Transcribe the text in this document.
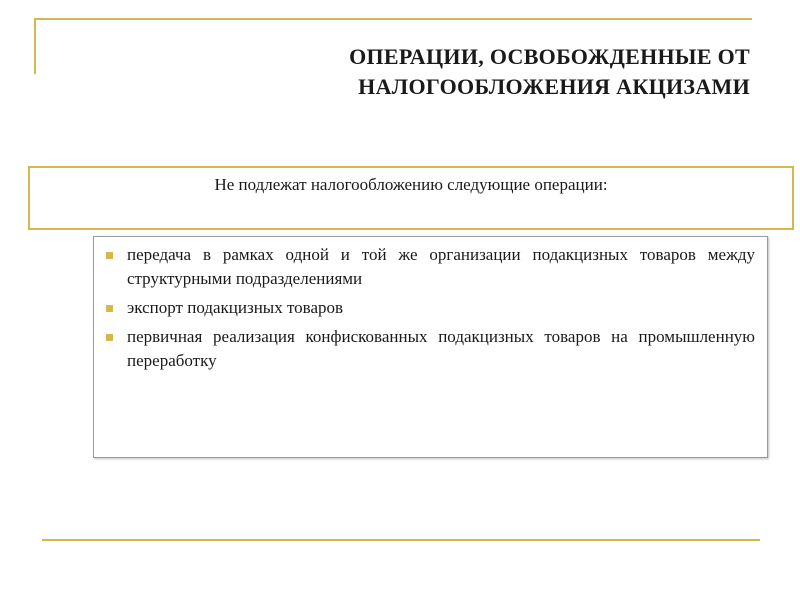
ОПЕРАЦИИ, ОСВОБОЖДЕННЫЕ ОТ
НАЛОГООБЛОЖЕНИЯ АКЦИЗАМИ
Не подлежат налогообложению следующие операции:
передача в рамках одной и той же организации подакцизных товаров между структурными подразделениями
экспорт подакцизных товаров
первичная реализация конфискованных подакцизных товаров на промышленную переработку
